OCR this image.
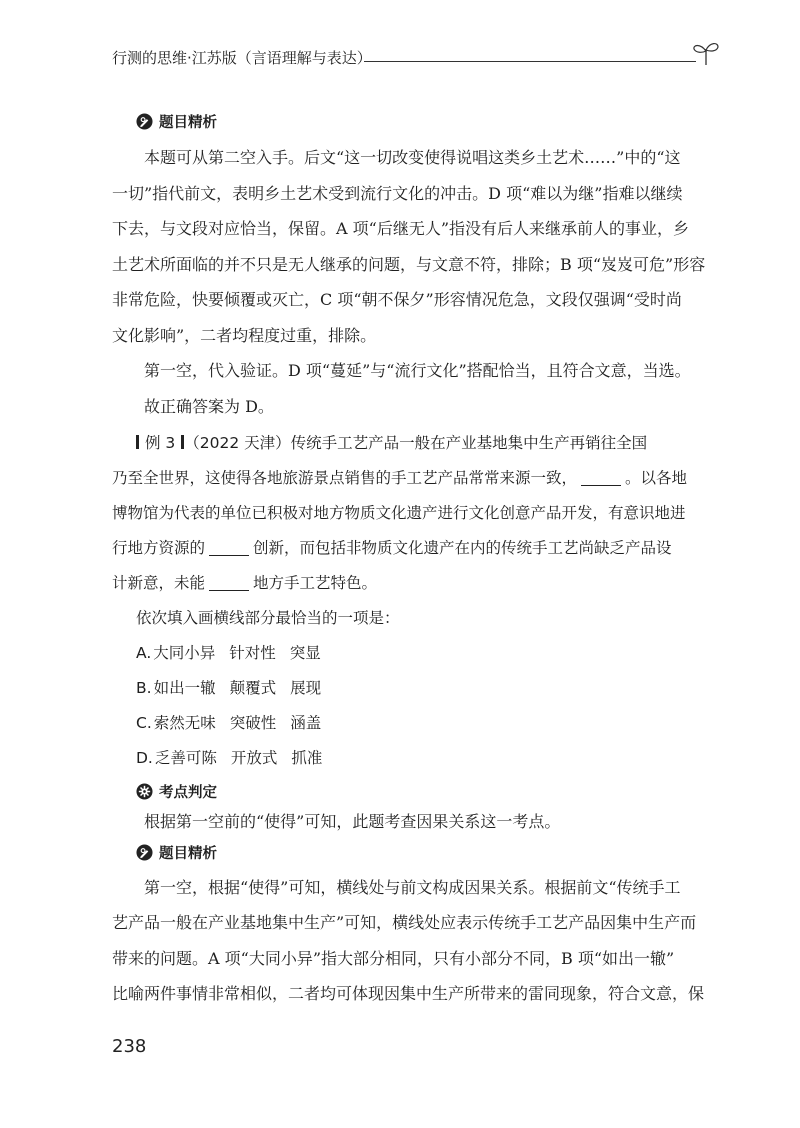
行测的思维·江苏版（言语理解与表达）
题目精析

本题可从第二空入手。后文“这一切改变使得说唱这类乡土艺术……”中的“这
一切”指代前文，表明乡土艺术受到流行文化的冲击。D 项“难以为继”指难以继续
下去，与文段对应恰当，保留。A 项“后继无人”指没有后人来继承前人的事业，乡
土艺术所面临的并不只是无人继承的问题，与文意不符，排除；B 项“岌岌可危”形容
非常危险，快要倾覆或灭亡，C 项“朝不保夕”形容情况危急，文段仅强调“受时尚
文化影响”，二者均程度过重，排除。

第一空，代入验证。D 项“蔓延”与“流行文化”搭配恰当，且符合文意，当选。

故正确答案为 D。

例 3 （2022 天津）传统手工艺产品一般在产业基地集中生产再销往全国
乃至全世界，这使得各地旅游景点销售的手工艺产品常常来源一致，	。以各地
博物馆为代表的单位已积极对地方物质文化遗产进行文化创意产品开发，有意识地进
行地方资源的	创新，而包括非物质文化遗产在内的传统手工艺尚缺乏产品设
计新意，未能	地方手工艺特色。
依次填入画横线部分最恰当的一项是：
A. 大同小异 针对性 突显
B. 如出一辙 颠覆式 展现
C. 索然无味 突破性 涵盖
D. 乏善可陈 开放式 抓准
考点判定

根据第一空前的“使得”可知，此题考查因果关系这一考点。

题目精析

第一空，根据“使得”可知，横线处与前文构成因果关系。根据前文“传统手工
艺产品一般在产业基地集中生产”可知，横线处应表示传统手工艺产品因集中生产而
带来的问题。A 项“大同小异”指大部分相同，只有小部分不同，B 项“如出一辙”
比喻两件事情非常相似，二者均可体现因集中生产所带来的雷同现象，符合文意，保

238
